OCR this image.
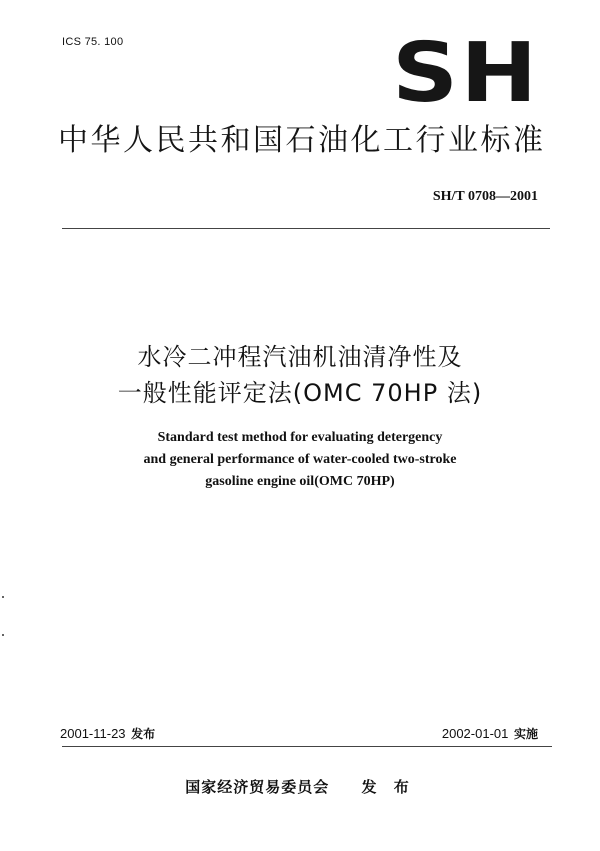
ICS 75. 100	SH
中华人民共和国石油化工行业标准

SH/T 0708—2001

水冷二冲程汽油机油清净性及
一般性能评定法(OMC 70HP 法)
Standard test method for evaluating detergency
and general performance of water-cooled two-stroke
gasoline engine oil(OMC 70HP)

2001-11-23 发布	2002-01-01 实施

国家经济贸易委员会 发 布
